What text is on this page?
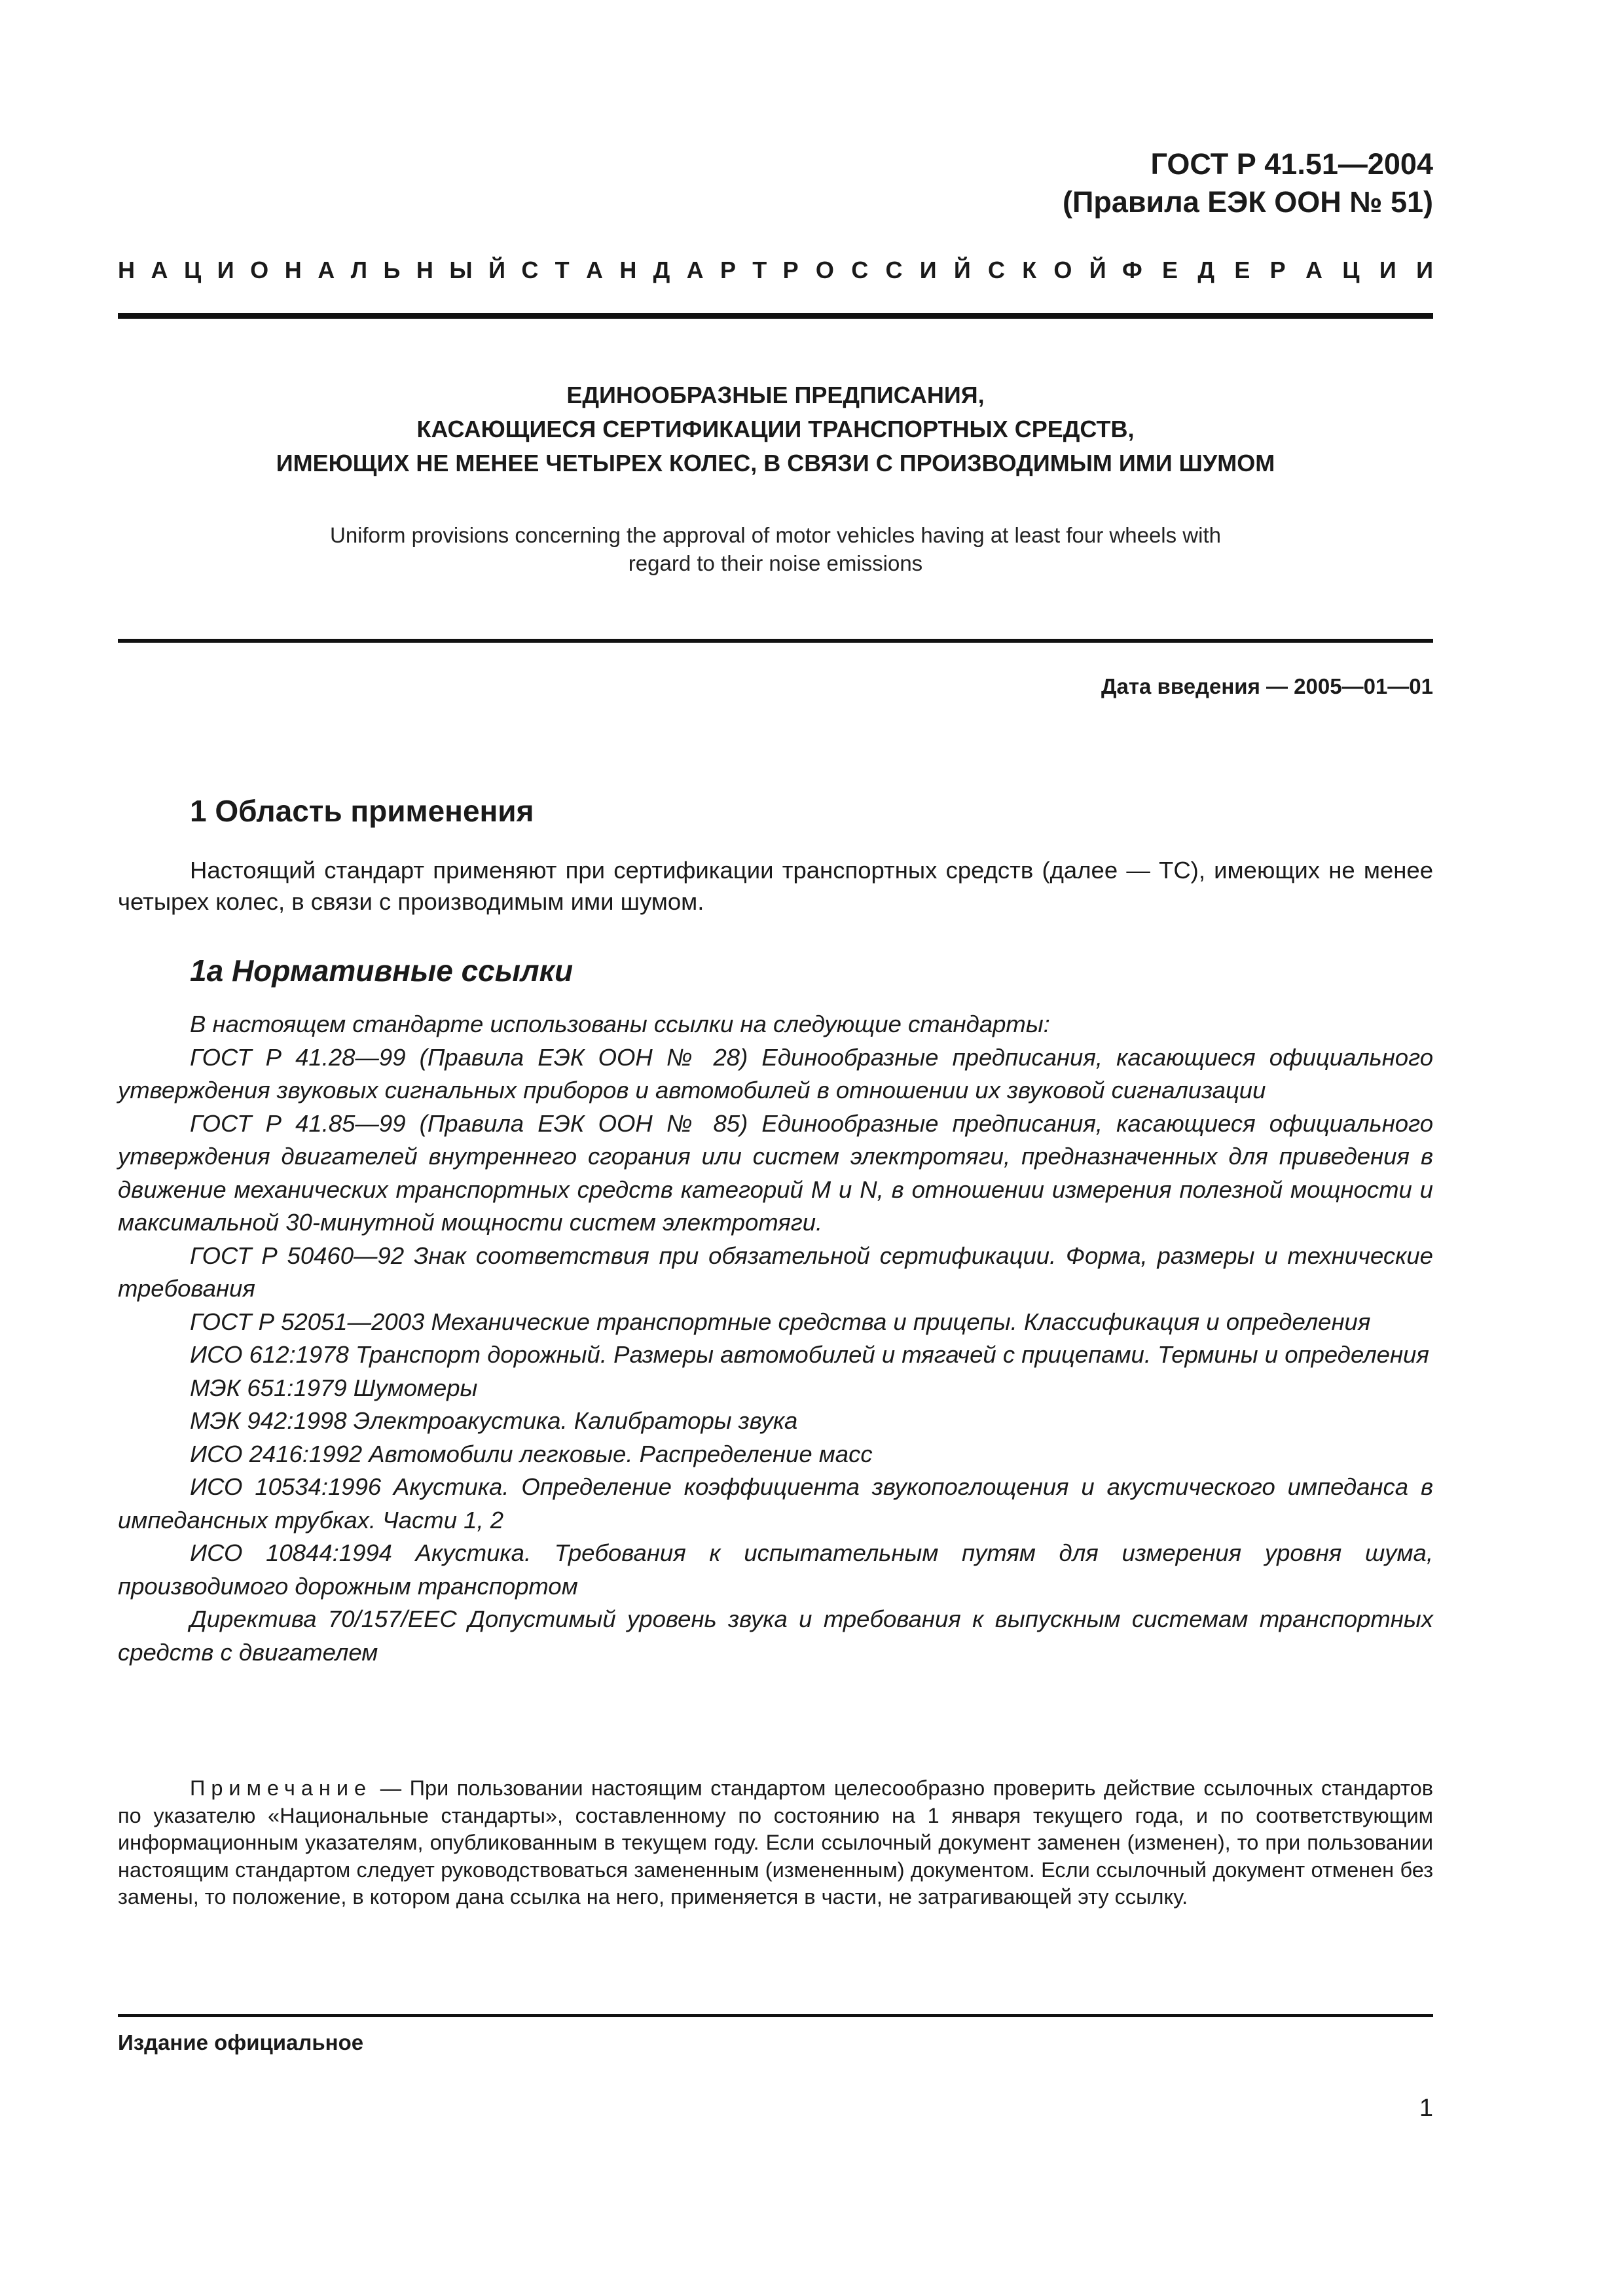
ГОСТ Р 41.51—2004
(Правила ЕЭК ООН № 51)
Н А Ц И О Н А Л Ь Н Ы Й С Т А Н Д А Р Т Р О С С И Й С К О Й Ф Е Д Е Р А Ц И И
ЕДИНООБРАЗНЫЕ ПРЕДПИСАНИЯ,
КАСАЮЩИЕСЯ СЕРТИФИКАЦИИ ТРАНСПОРТНЫХ СРЕДСТВ,
ИМЕЮЩИХ НЕ МЕНЕЕ ЧЕТЫРЕХ КОЛЕС, В СВЯЗИ С ПРОИЗВОДИМЫМ ИМИ ШУМОМ
Uniform provisions concerning the approval of motor vehicles having at least four wheels with
regard to their noise emissions
Дата введения — 2005—01—01
1 Область применения
Настоящий стандарт применяют при сертификации транспортных средств (далее — ТС), имеющих не менее четырех колес, в связи с производимым ими шумом.
1а Нормативные ссылки

В настоящем стандарте использованы ссылки на следующие стандарты:

ГОСТ Р 41.28—99 (Правила ЕЭК ООН № 28) Единообразные предписания, касающиеся официального утверждения звуковых сигнальных приборов и автомобилей в отношении их звуковой сигнализации

ГОСТ Р 41.85—99 (Правила ЕЭК ООН № 85) Единообразные предписания, касающиеся официального утверждения двигателей внутреннего сгорания или систем электротяги, предназначенных для приведения в движение механических транспортных средств категорий М и N, в отношении измерения полезной мощности и максимальной 30-минутной мощности систем электротяги.

ГОСТ Р 50460—92 Знак соответствия при обязательной сертификации. Форма, размеры и технические требования

ГОСТ Р 52051—2003 Механические транспортные средства и прицепы. Классификация и определения

ИСО 612:1978 Транспорт дорожный. Размеры автомобилей и тягачей с прицепами. Термины и определения

МЭК 651:1979 Шумомеры

МЭК 942:1998 Электроакустика. Калибраторы звука

ИСО 2416:1992 Автомобили легковые. Распределение масс

ИСО 10534:1996 Акустика. Определение коэффициента звукопоглощения и акустического импеданса в импедансных трубках. Части 1, 2

ИСО 10844:1994 Акустика. Требования к испытательным путям для измерения уровня шума, производимого дорожным транспортом

Директива 70/157/ЕЕС Допустимый уровень звука и требования к выпускным системам транспортных средств с двигателем

Примечание — При пользовании настоящим стандартом целесообразно проверить действие ссылочных стандартов по указателю «Национальные стандарты», составленному по состоянию на 1 января текущего года, и по соответствующим информационным указателям, опубликованным в текущем году. Если ссылочный документ заменен (изменен), то при пользовании настоящим стандартом следует руководствоваться замененным (измененным) документом. Если ссылочный документ отменен без замены, то положение, в котором дана ссылка на него, применяется в части, не затрагивающей эту ссылку.
Издание официальное
1
